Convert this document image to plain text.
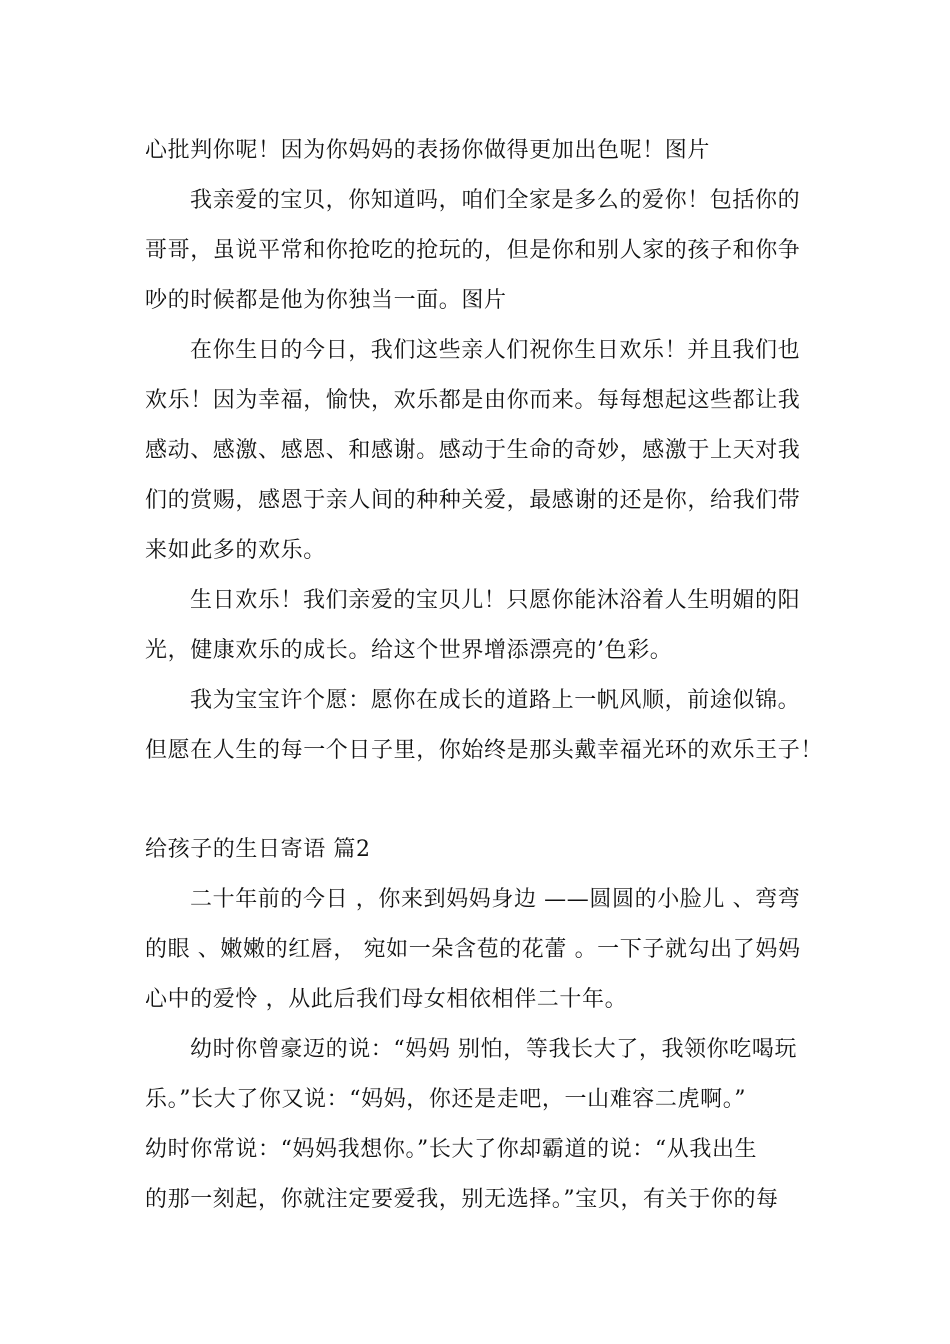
心批判你呢！因为你妈妈的表扬你做得更加出色呢！图片
我亲爱的宝贝，你知道吗，咱们全家是多么的爱你！包括你的
哥哥，虽说平常和你抢吃的抢玩的，但是你和别人家的孩子和你争
吵的时候都是他为你独当一面。图片
在你生日的今日，我们这些亲人们祝你生日欢乐！并且我们也
欢乐！因为幸福，愉快，欢乐都是由你而来。每每想起这些都让我
感动、感激、感恩、和感谢。感动于生命的奇妙，感激于上天对我
们的赏赐，感恩于亲人间的种种关爱，最感谢的还是你，给我们带
来如此多的欢乐。
生日欢乐！我们亲爱的宝贝儿！只愿你能沐浴着人生明媚的阳
光，健康欢乐的成长。给这个世界增添漂亮的’色彩。
我为宝宝许个愿：愿你在成长的道路上一帆风顺，前途似锦。
但愿在人生的每一个日子里，你始终是那头戴幸福光环的欢乐王子！
给孩子的生日寄语 篇2
二十年前的今日 ，你来到妈妈身边 ——圆圆的小脸儿 、弯弯
的眼 、嫩嫩的红唇， 宛如一朵含苞的花蕾 。一下子就勾出了妈妈
心中的爱怜 ，从此后我们母女相依相伴二十年。
幼时你曾豪迈的说：“妈妈 别怕，等我长大了，我领你吃喝玩
乐。”长大了你又说：“妈妈，你还是走吧，一山难容二虎啊。”
幼时你常说：“妈妈我想你。”长大了你却霸道的说：“从我出生
的那一刻起，你就注定要爱我，别无选择。”宝贝，有关于你的每
